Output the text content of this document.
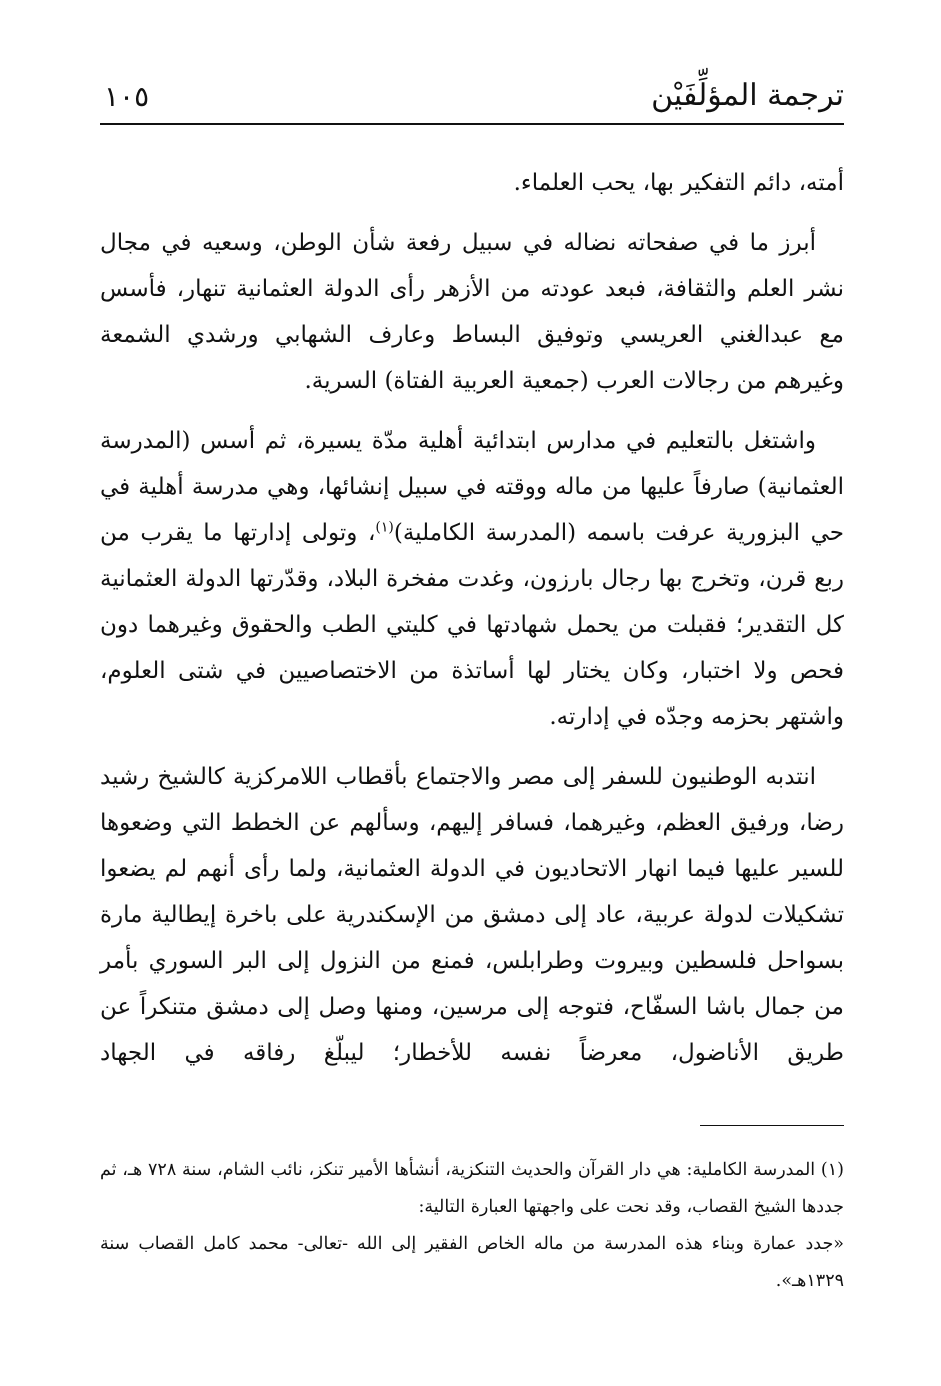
ترجمة المؤلِّفَيْن
١٠٥

أمته، دائم التفكير بها، يحب العلماء.

أبرز ما في صفحاته نضاله في سبيل رفعة شأن الوطن، وسعيه في مجال نشر العلم والثقافة، فبعد عودته من الأزهر رأى الدولة العثمانية تنهار، فأسس مع عبدالغني العريسي وتوفيق البساط وعارف الشهابي ورشدي الشمعة وغيرهم من رجالات العرب (جمعية العربية الفتاة) السرية.

واشتغل بالتعليم في مدارس ابتدائية أهلية مدّة يسيرة، ثم أسس (المدرسة العثمانية) صارفاً عليها من ماله ووقته في سبيل إنشائها، وهي مدرسة أهلية في حي البزورية عرفت باسمه (المدرسة الكاملية)$^{(١)}$، وتولى إدارتها ما يقرب من ربع قرن، وتخرج بها رجال بارزون، وغدت مفخرة البلاد، وقدّرتها الدولة العثمانية كل التقدير؛ فقبلت من يحمل شهادتها في كليتي الطب والحقوق وغيرهما دون فحص ولا اختبار، وكان يختار لها أساتذة من الاختصاصيين في شتى العلوم، واشتهر بحزمه وجدّه في إدارته.

انتدبه الوطنيون للسفر إلى مصر والاجتماع بأقطاب اللامركزية كالشيخ رشيد رضا، ورفيق العظم، وغيرهما، فسافر إليهم، وسألهم عن الخطط التي وضعوها للسير عليها فيما انهار الاتحاديون في الدولة العثمانية، ولما رأى أنهم لم يضعوا تشكيلات لدولة عربية، عاد إلى دمشق من الإسكندرية على باخرة إيطالية مارة بسواحل فلسطين وبيروت وطرابلس، فمنع من النزول إلى البر السوري بأمر من جمال باشا السفّاح، فتوجه إلى مرسين، ومنها وصل إلى دمشق متنكراً عن طريق الأناضول، معرضاً نفسه للأخطار؛ ليبلّغ رفاقه في الجهاد

(١) المدرسة الكاملية: هي دار القرآن والحديث التنكزية، أنشأها الأمير تنكز، نائب الشام، سنة ٧٢٨ هـ، ثم جددها الشيخ القصاب، وقد نحت على واجهتها العبارة التالية:

«جدد عمارة وبناء هذه المدرسة من ماله الخاص الفقير إلى الله -تعالى- محمد كامل القصاب سنة ١٣٢٩هـ».
